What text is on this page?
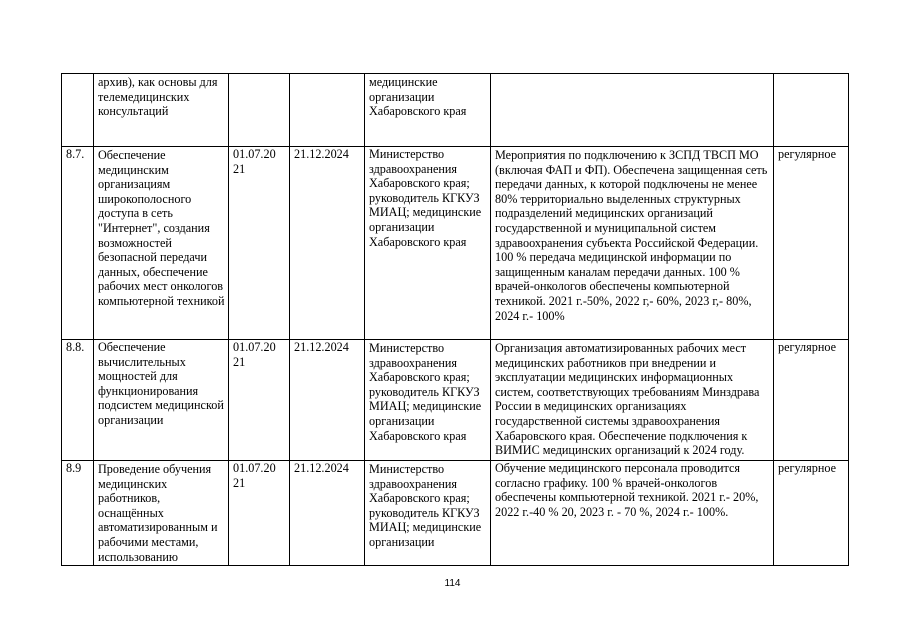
	архив), как основы для телемедицинских консультаций			медицинские организации Хабаровского края		

8.7.	Обеспечение медицинским организациям широкополосного доступа в сеть "Интернет", создания возможностей безопасной передачи данных, обеспечение рабочих мест онкологов компьютерной техникой	01.07.20 21	21.12.2024	Министерство здравоохранения Хабаровского края; руководитель КГКУЗ МИАЦ; медицинские организации Хабаровского края	Мероприятия по подключению к ЗСПД ТВСП МО (включая ФАП и ФП). Обеспечена защищенная сеть передачи данных, к которой подключены не менее 80% территориально выделенных структурных подразделений медицинских организаций государственной и муниципальной систем здравоохранения субъекта Российской Федерации. 100 % передача медицинской информации по защищенным каналам передачи данных. 100 % врачей-онкологов обеспечены компьютерной техникой. 2021 г.-50%, 2022 г,- 60%, 2023 г,- 80%, 2024 г.- 100%	регулярное

8.8.	Обеспечение вычислительных мощностей для функционирования подсистем медицинской организации	01.07.20 21	21.12.2024	Министерство здравоохранения Хабаровского края; руководитель КГКУЗ МИАЦ; медицинские организации Хабаровского края	Организация автоматизированных рабочих мест медицинских работников при внедрении и эксплуатации медицинских информационных систем, соответствующих требованиям Минздрава России в медицинских организациях государственной системы здравоохранения Хабаровского края. Обеспечение подключения к ВИМИС медицинских организаций к 2024 году.	регулярное

8.9	Проведение обучения медицинских работников, оснащённых автоматизированным и рабочими местами, использованию	01.07.20 21	21.12.2024	Министерство здравоохранения Хабаровского края; руководитель КГКУЗ МИАЦ; медицинские организации	Обучение медицинского персонала проводится согласно графику. 100 % врачей-онкологов обеспечены компьютерной техникой. 2021 г.- 20%, 2022 г.-40 % 20, 2023 г. - 70 %, 2024 г.- 100%.	регулярное
114
